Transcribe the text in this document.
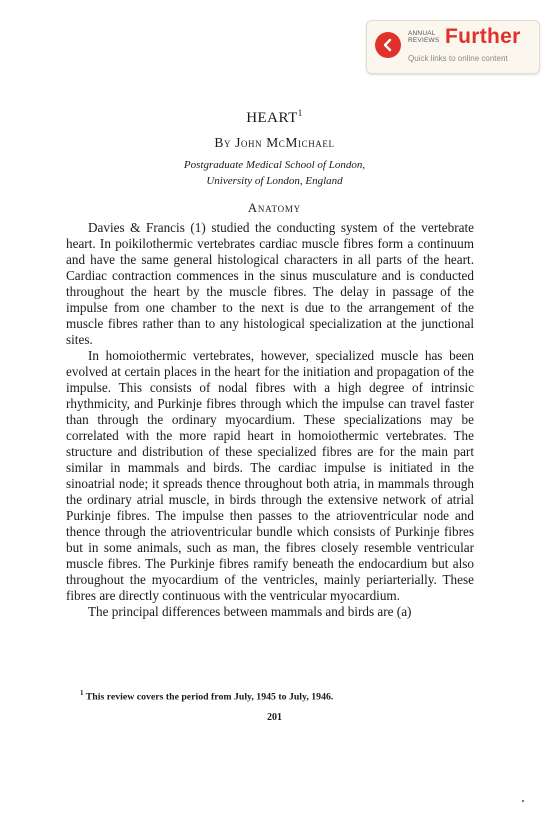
ANNUAL
REVIEWS Further
Quick links to online content
HEART$^1$
By John McMichael
Postgraduate Medical School of London,
University of London, England
Anatomy

Davies & Francis (1) studied the conducting system of the vertebrate heart. In poikilothermic vertebrates cardiac muscle fibres form a continuum and have the same general histological characters in all parts of the heart. Cardiac contraction commences in the sinus musculature and is conducted throughout the heart by the muscle fibres. The delay in passage of the impulse from one chamber to the next is due to the arrangement of the muscle fibres rather than to any histological specialization at the junctional sites.

In homoiothermic vertebrates, however, specialized muscle has been evolved at certain places in the heart for the initiation and propagation of the impulse. This consists of nodal fibres with a high degree of intrinsic rhythmicity, and Purkinje fibres through which the impulse can travel faster than through the ordinary myocardium. These specializations may be correlated with the more rapid heart in homoiothermic vertebrates. The structure and distribution of these specialized fibres are for the main part similar in mammals and birds. The cardiac impulse is initiated in the sinoatrial node; it spreads thence throughout both atria, in mammals through the ordinary atrial muscle, in birds through the extensive network of atrial Purkinje fibres. The impulse then passes to the atrioventricular node and thence through the atrioventricular bundle which consists of Purkinje fibres but in some animals, such as man, the fibres closely resemble ventricular muscle fibres. The Purkinje fibres ramify beneath the endocardium but also throughout the myocardium of the ventricles, mainly periarterially. These fibres are directly continuous with the ventricular myocardium.

The principal differences between mammals and birds are (a)

$^1$ This review covers the period from July, 1945 to July, 1946.
201
